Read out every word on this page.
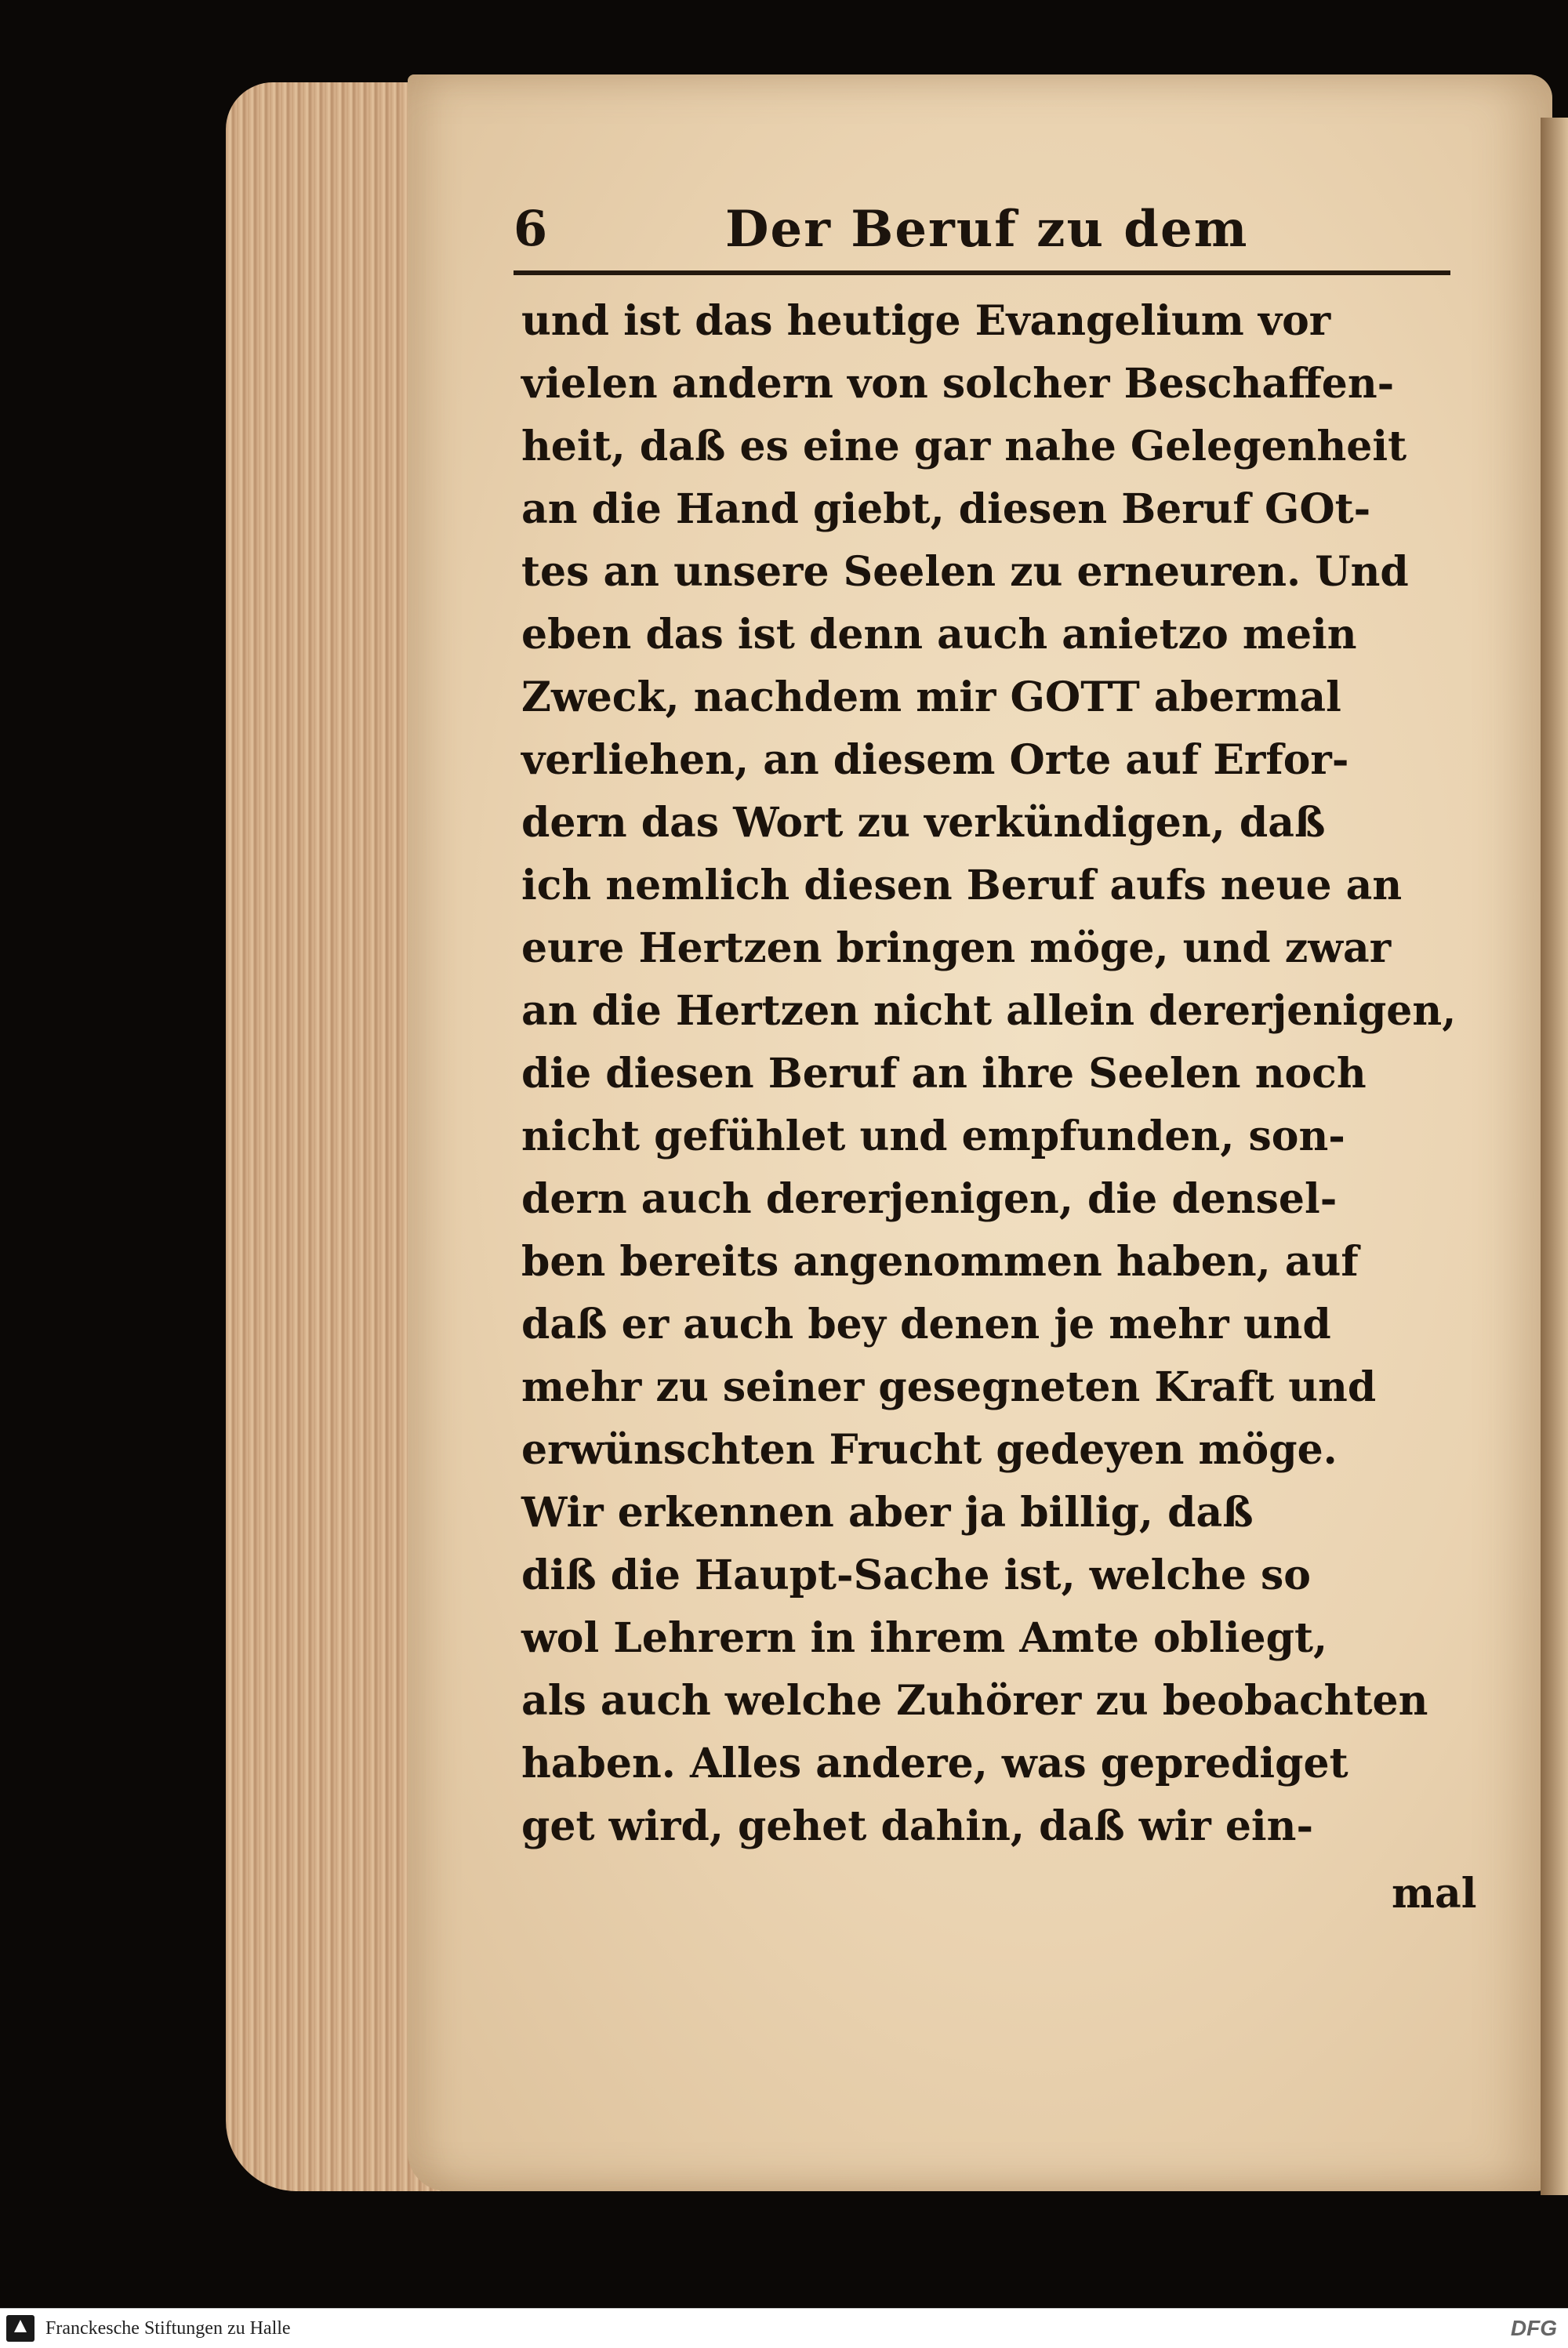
6	Der Beruf zu dem
und ist das heutige Evangelium vor
vielen andern von solcher Beschaffen-
heit, daß es eine gar nahe Gelegenheit
an die Hand giebt, diesen Beruf GOt-
tes an unsere Seelen zu erneuren. Und
eben das ist denn auch anietzo mein
Zweck, nachdem mir GOTT abermal
verliehen, an diesem Orte auf Erfor-
dern das Wort zu verkündigen, daß
ich nemlich diesen Beruf aufs neue an
eure Hertzen bringen möge, und zwar
an die Hertzen nicht allein dererjenigen,
die diesen Beruf an ihre Seelen noch
nicht gefühlet und empfunden, son-
dern auch dererjenigen, die densel-
ben bereits angenommen haben, auf
daß er auch bey denen je mehr und
mehr zu seiner gesegneten Kraft und
erwünschten Frucht gedeyen möge.
Wir erkennen aber ja billig, daß
diß die Haupt-Sache ist, welche so
wol Lehrern in ihrem Amte obliegt,
als auch welche Zuhörer zu beobachten
haben. Alles andere, was geprediget
get wird, gehet dahin, daß wir ein-
mal
Franckesche Stiftungen zu Halle	DFG
